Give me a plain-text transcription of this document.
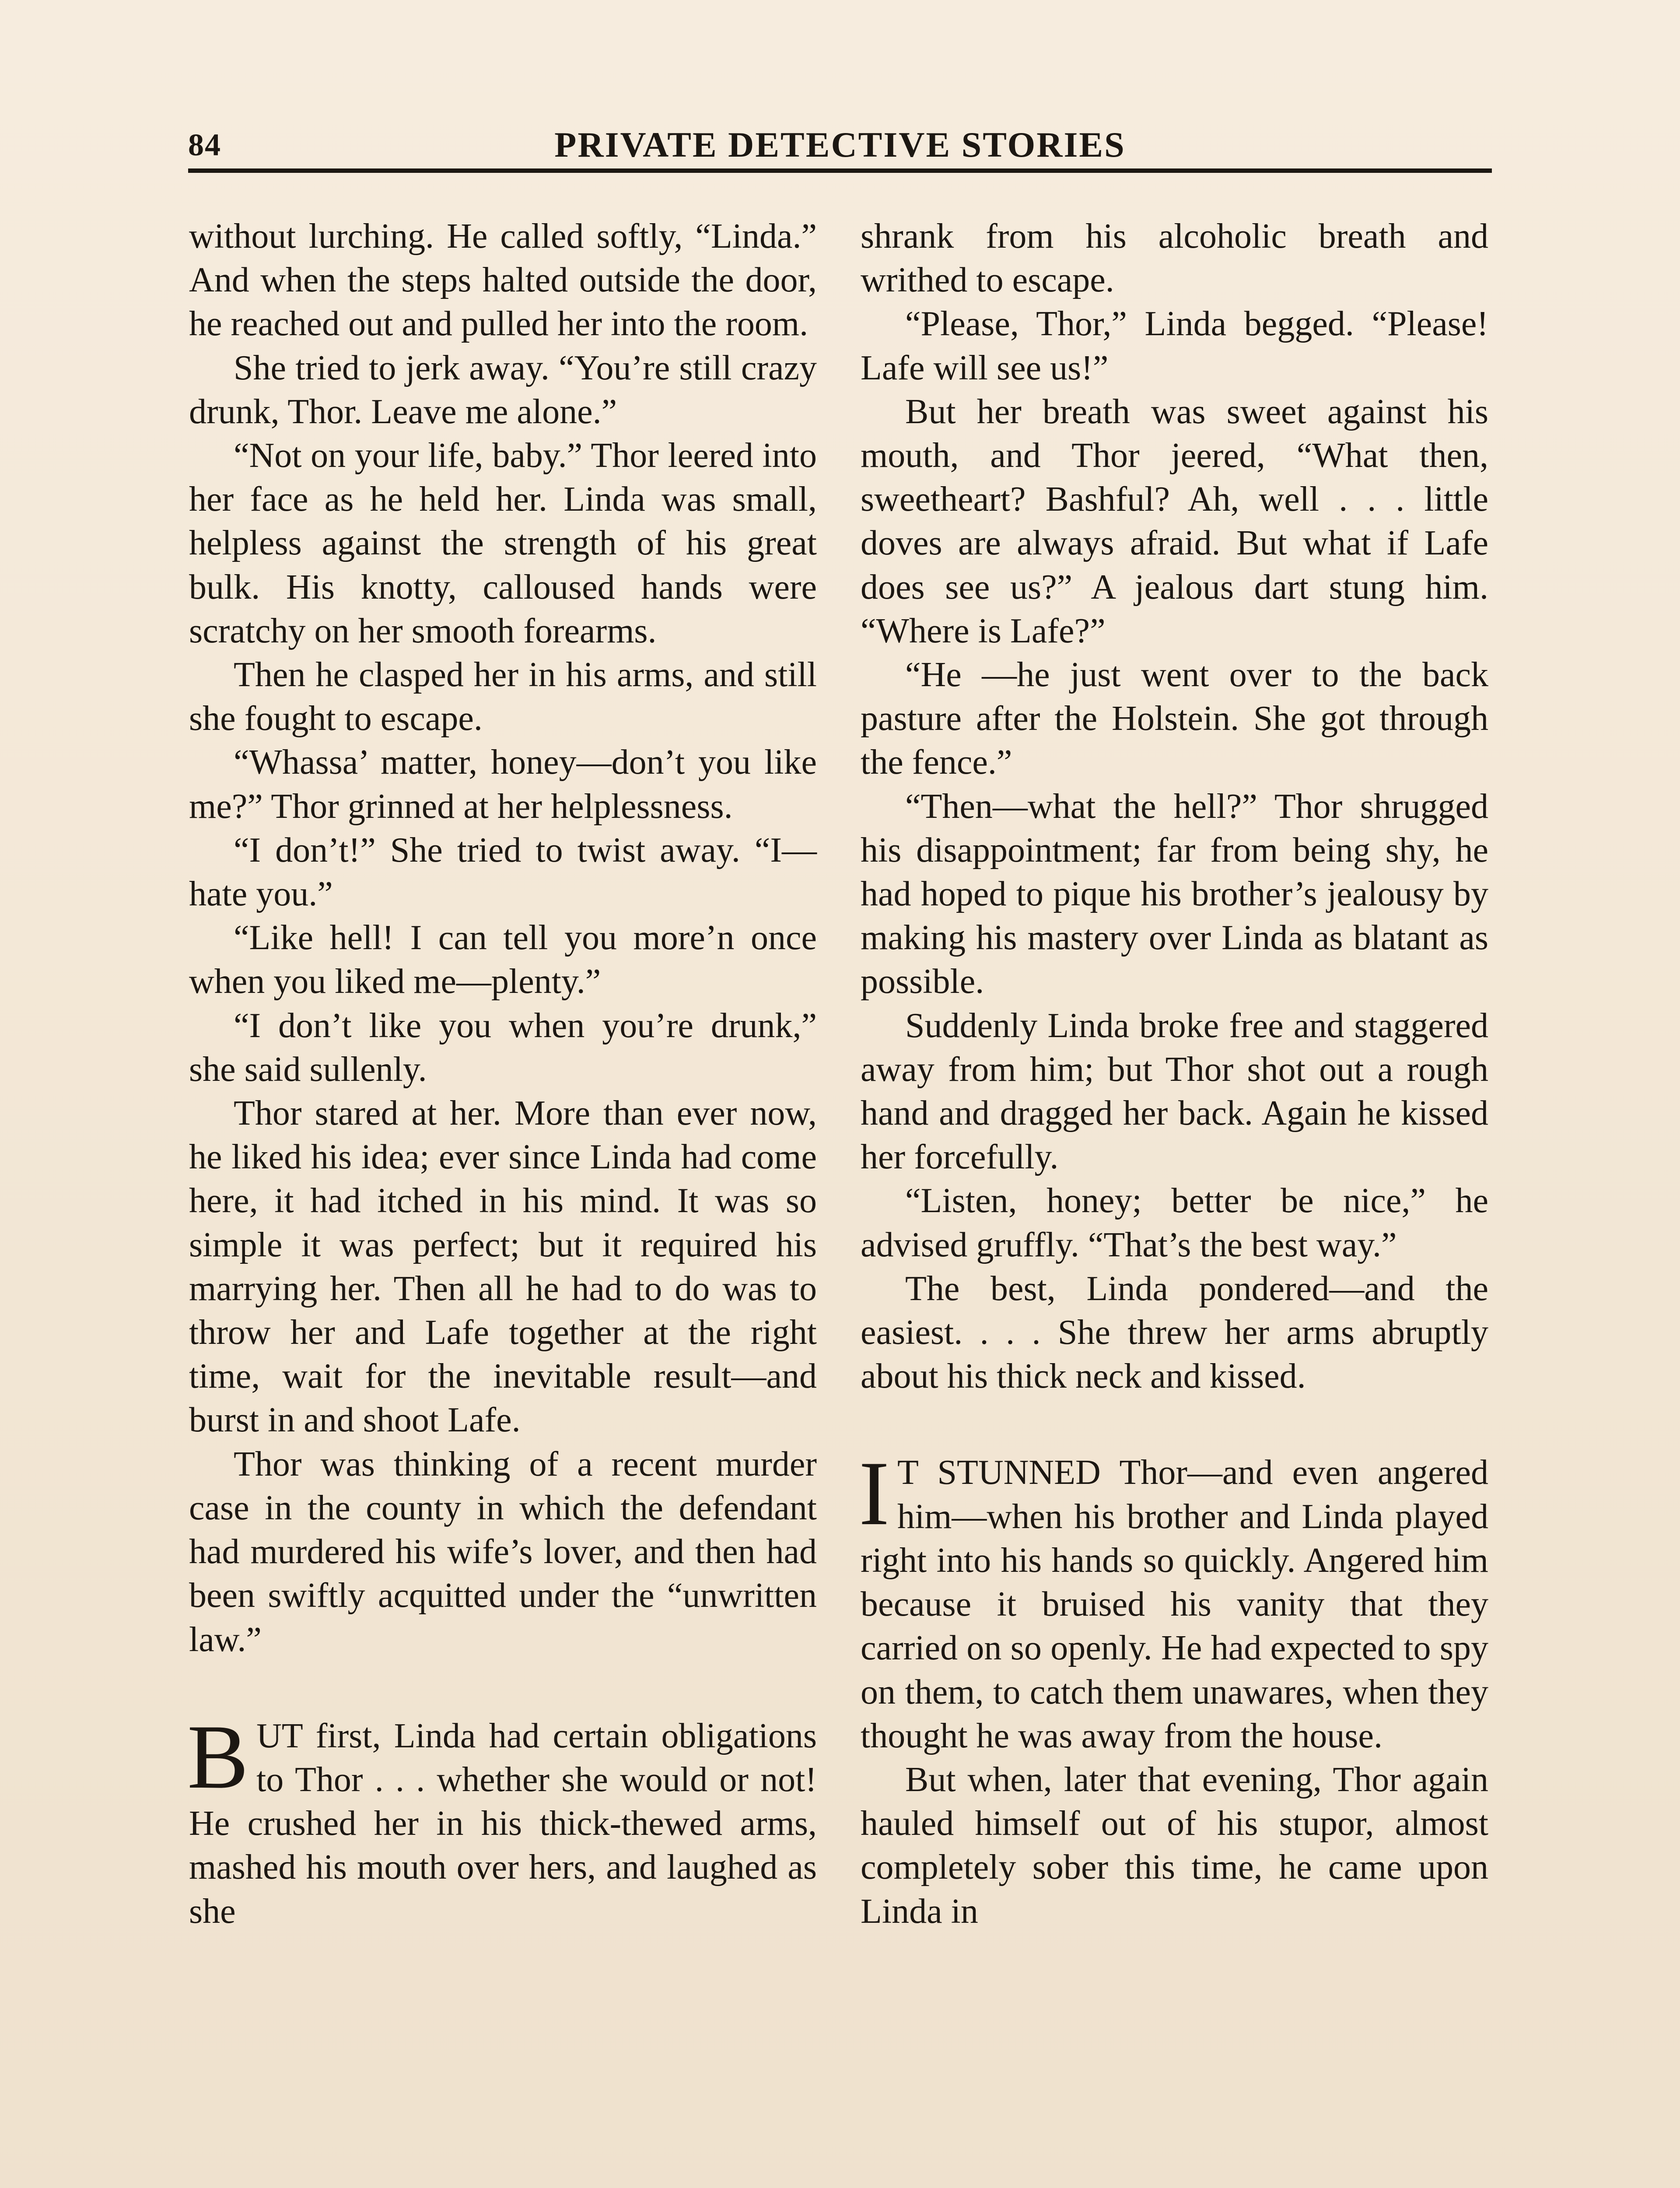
84	PRIVATE DETECTIVE STORIES

without lurching. He called softly, “Linda.” And when the steps halted outside the door, he reached out and pulled her into the room.

She tried to jerk away. “You’re still crazy drunk, Thor. Leave me alone.”

“Not on your life, baby.” Thor leered into her face as he held her. Linda was small, helpless against the strength of his great bulk. His knotty, calloused hands were scratchy on her smooth forearms.

Then he clasped her in his arms, and still she fought to escape.

“Whassa’ matter, honey—don’t you like me?” Thor grinned at her helplessness.

“I don’t!” She tried to twist away. “I—hate you.”

“Like hell! I can tell you more’n once when you liked me—plenty.”

“I don’t like you when you’re drunk,” she said sullenly.

Thor stared at her. More than ever now, he liked his idea; ever since Linda had come here, it had itched in his mind. It was so simple it was perfect; but it required his marrying her. Then all he had to do was to throw her and Lafe together at the right time, wait for the inevitable result—and burst in and shoot Lafe.

Thor was thinking of a recent murder case in the county in which the defendant had murdered his wife’s lover, and then had been swiftly acquitted under the “unwritten law.”

BUT first, Linda had certain obligations to Thor . . . whether she would or not! He crushed her in his thick-thewed arms, mashed his mouth over hers, and laughed as she

shrank from his alcoholic breath and writhed to escape.

“Please, Thor,” Linda begged. “Please! Lafe will see us!”

But her breath was sweet against his mouth, and Thor jeered, “What then, sweetheart? Bashful? Ah, well . . . little doves are always afraid. But what if Lafe does see us?” A jealous dart stung him. “Where is Lafe?”

“He —he just went over to the back pasture after the Holstein. She got through the fence.”

“Then—what the hell?” Thor shrugged his disappointment; far from being shy, he had hoped to pique his brother’s jealousy by making his mastery over Linda as blatant as possible.

Suddenly Linda broke free and staggered away from him; but Thor shot out a rough hand and dragged her back. Again he kissed her forcefully.

“Listen, honey; better be nice,” he advised gruffly. “That’s the best way.”

The best, Linda pondered—and the easiest. . . . She threw her arms abruptly about his thick neck and kissed.

I T STUNNED Thor—and even angered him—when his brother and Linda played right into his hands so quickly. Angered him because it bruised his vanity that they carried on so openly. He had expected to spy on them, to catch them unawares, when they thought he was away from the house.

But when, later that evening, Thor again hauled himself out of his stupor, almost completely sober this time, he came upon Linda in
